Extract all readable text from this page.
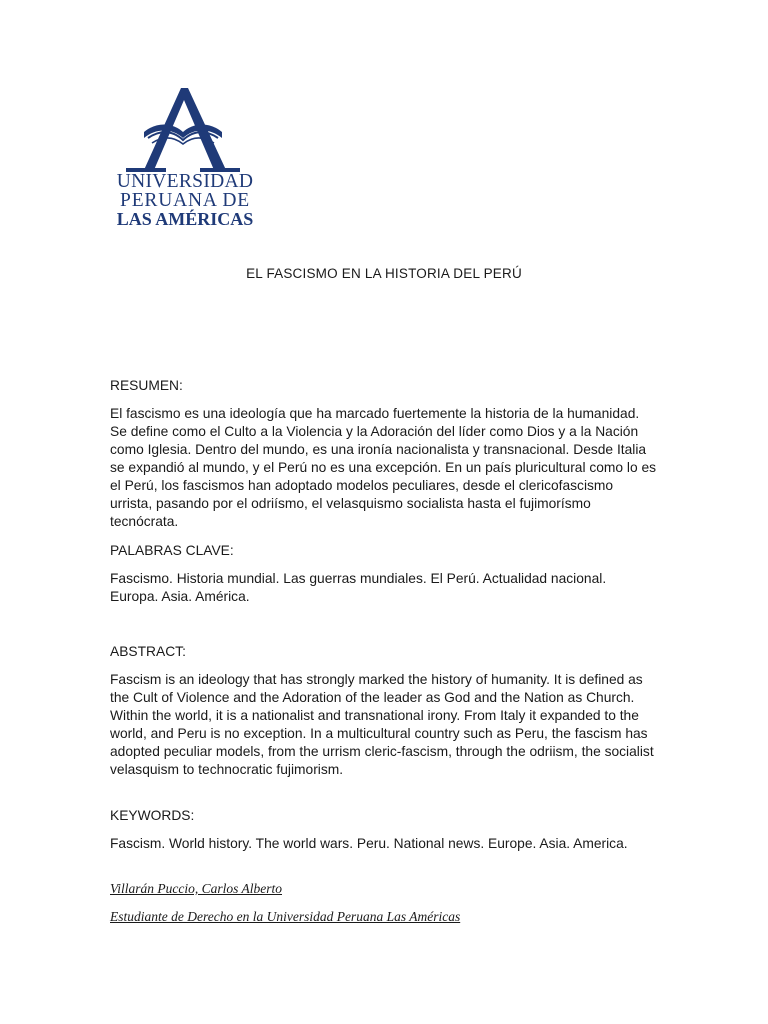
UNIVERSIDAD
PERUANA DE
LAS AMÉRICAS
EL FASCISMO EN LA HISTORIA DEL PERÚ
RESUMEN:

El fascismo es una ideología que ha marcado fuertemente la historia de la humanidad. Se define como el Culto a la Violencia y la Adoración del líder como Dios y a la Nación como Iglesia. Dentro del mundo, es una ironía nacionalista y transnacional. Desde Italia se expandió al mundo, y el Perú no es una excepción. En un país pluricultural como lo es el Perú, los fascismos han adoptado modelos peculiares, desde el clericofascismo urrista, pasando por el odriísmo, el velasquismo socialista hasta el fujimorísmo tecnócrata.

PALABRAS CLAVE:

Fascismo. Historia mundial. Las guerras mundiales. El Perú. Actualidad nacional. Europa. Asia. América.

ABSTRACT:

Fascism is an ideology that has strongly marked the history of humanity. It is defined as the Cult of Violence and the Adoration of the leader as God and the Nation as Church. Within the world, it is a nationalist and transnational irony. From Italy it expanded to the world, and Peru is no exception. In a multicultural country such as Peru, the fascism has adopted peculiar models, from the urrism cleric-fascism, through the odriism, the socialist velasquism to technocratic fujimorism.

KEYWORDS:

Fascism. World history. The world wars. Peru. National news. Europe. Asia. America.

Villarán Puccio, Carlos Alberto
Estudiante de Derecho en la Universidad Peruana Las Américas
